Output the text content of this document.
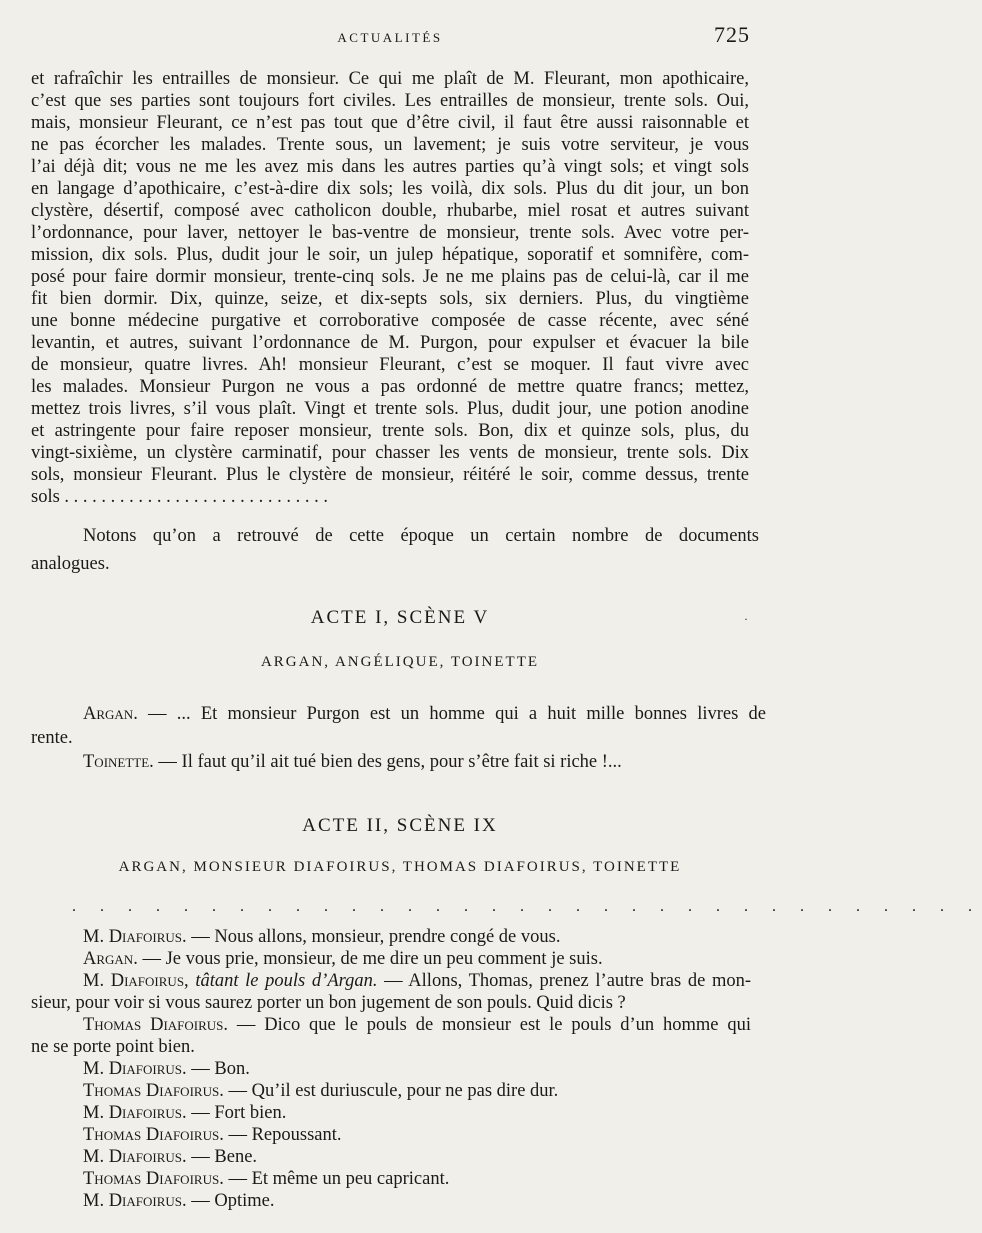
ACTUALITÉS	725
et rafraîchir les entrailles de monsieur. Ce qui me plaît de M. Fleurant, mon apothicaire,
c’est que ses parties sont toujours fort civiles. Les entrailles de monsieur, trente sols. Oui,
mais, monsieur Fleurant, ce n’est pas tout que d’être civil, il faut être aussi raisonnable et
ne pas écorcher les malades. Trente sous, un lavement; je suis votre serviteur, je vous
l’ai déjà dit; vous ne me les avez mis dans les autres parties qu’à vingt sols; et vingt sols
en langage d’apothicaire, c’est-à-dire dix sols; les voilà, dix sols. Plus du dit jour, un bon
clystère, désertif, composé avec catholicon double, rhubarbe, miel rosat et autres suivant
l’ordonnance, pour laver, nettoyer le bas-ventre de monsieur, trente sols. Avec votre per-
mission, dix sols. Plus, dudit jour le soir, un julep hépatique, soporatif et somnifère, com-
posé pour faire dormir monsieur, trente-cinq sols. Je ne me plains pas de celui-là, car il me
fit bien dormir. Dix, quinze, seize, et dix-septs sols, six derniers. Plus, du vingtième
une bonne médecine purgative et corroborative composée de casse récente, avec séné
levantin, et autres, suivant l’ordonnance de M. Purgon, pour expulser et évacuer la bile
de monsieur, quatre livres. Ah! monsieur Fleurant, c’est se moquer. Il faut vivre avec
les malades. Monsieur Purgon ne vous a pas ordonné de mettre quatre francs; mettez,
mettez trois livres, s’il vous plaît. Vingt et trente sols. Plus, dudit jour, une potion anodine
et astringente pour faire reposer monsieur, trente sols. Bon, dix et quinze sols, plus, du
vingt-sixième, un clystère carminatif, pour chasser les vents de monsieur, trente sols. Dix
sols, monsieur Fleurant. Plus le clystère de monsieur, réitéré le soir, comme dessus, trente
sols . . . . . . . . . . . . . . . . . . . . . . . . . . . . .
Notons qu’on a retrouvé de cette époque un certain nombre de documents
analogues.
ACTE I, SCÈNE V	·
ARGAN, ANGÉLIQUE, TOINETTE
Argan. — ... Et monsieur Purgon est un homme qui a huit mille bonnes livres de
rente.
Toinette. — Il faut qu’il ait tué bien des gens, pour s’être fait si riche !...
ACTE II, SCÈNE IX
ARGAN, MONSIEUR DIAFOIRUS, THOMAS DIAFOIRUS, TOINETTE
. . . . . . . . . . . . . . . . . . . . . . . . . . . . . . . . .
M. Diafoirus. — Nous allons, monsieur, prendre congé de vous.
Argan. — Je vous prie, monsieur, de me dire un peu comment je suis.
M. Diafoirus, tâtant le pouls d’Argan. — Allons, Thomas, prenez l’autre bras de mon-
sieur, pour voir si vous saurez porter un bon jugement de son pouls. Quid dicis ?
Thomas Diafoirus. — Dico que le pouls de monsieur est le pouls d’un homme qui
ne se porte point bien.
M. Diafoirus. — Bon.
Thomas Diafoirus. — Qu’il est duriuscule, pour ne pas dire dur.
M. Diafoirus. — Fort bien.
Thomas Diafoirus. — Repoussant.
M. Diafoirus. — Bene.
Thomas Diafoirus. — Et même un peu capricant.
M. Diafoirus. — Optime.
